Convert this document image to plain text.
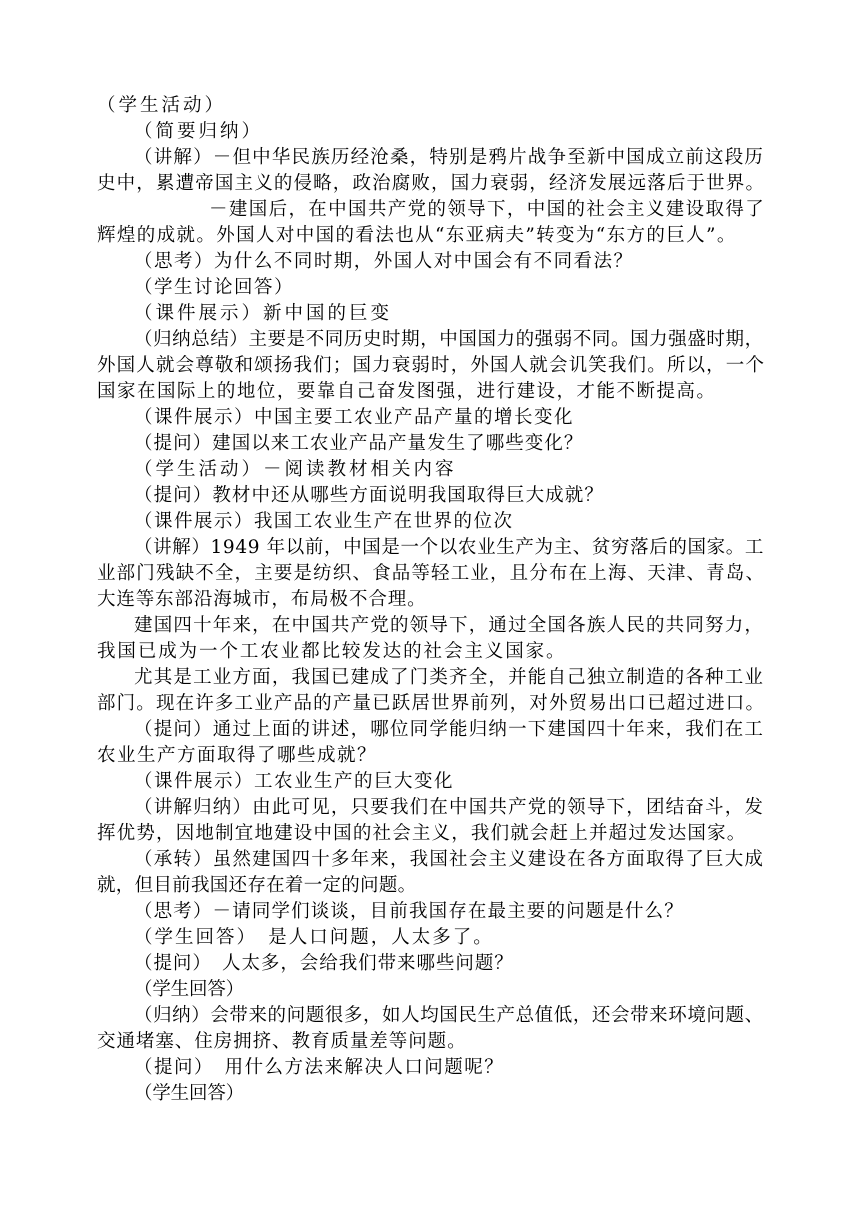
（学生活动）
（简要归纳）
（讲解）－但中华民族历经沧桑，特别是鸦片战争至新中国成立前这段历
史中，累遭帝国主义的侵略，政治腐败，国力衰弱，经济发展远落后于世界。
－建国后，在中国共产党的领导下，中国的社会主义建设取得了
辉煌的成就。外国人对中国的看法也从“东亚病夫”转变为“东方的巨人”。
（思考）为什么不同时期，外国人对中国会有不同看法？
（学生讨论回答）
（课件展示）新中国的巨变
（归纳总结）主要是不同历史时期，中国国力的强弱不同。国力强盛时期，
外国人就会尊敬和颂扬我们；国力衰弱时，外国人就会讥笑我们。所以，一个
国家在国际上的地位，要靠自己奋发图强，进行建设，才能不断提高。
（课件展示）中国主要工农业产品产量的增长变化
（提问）建国以来工农业产品产量发生了哪些变化？
（学生活动）－阅读教材相关内容
（提问）教材中还从哪些方面说明我国取得巨大成就？
（课件展示）我国工农业生产在世界的位次
（讲解）1949 年以前，中国是一个以农业生产为主、贫穷落后的国家。工
业部门残缺不全，主要是纺织、食品等轻工业，且分布在上海、天津、青岛、
大连等东部沿海城市，布局极不合理。
建国四十年来，在中国共产党的领导下，通过全国各族人民的共同努力，
我国已成为一个工农业都比较发达的社会主义国家。
尤其是工业方面，我国已建成了门类齐全，并能自己独立制造的各种工业
部门。现在许多工业产品的产量已跃居世界前列，对外贸易出口已超过进口。
（提问）通过上面的讲述，哪位同学能归纳一下建国四十年来，我们在工
农业生产方面取得了哪些成就？
（课件展示）工农业生产的巨大变化
（讲解归纳）由此可见，只要我们在中国共产党的领导下，团结奋斗，发
挥优势，因地制宜地建设中国的社会主义，我们就会赶上并超过发达国家。
（承转）虽然建国四十多年来，我国社会主义建设在各方面取得了巨大成
就，但目前我国还存在着一定的问题。
（思考）－请同学们谈谈，目前我国存在最主要的问题是什么？
（学生回答）　是人口问题，人太多了。
（提问）　人太多，会给我们带来哪些问题？
（学生回答）
（归纳）会带来的问题很多，如人均国民生产总值低，还会带来环境问题、
交通堵塞、住房拥挤、教育质量差等问题。
（提问）　用什么方法来解决人口问题呢？
（学生回答）
